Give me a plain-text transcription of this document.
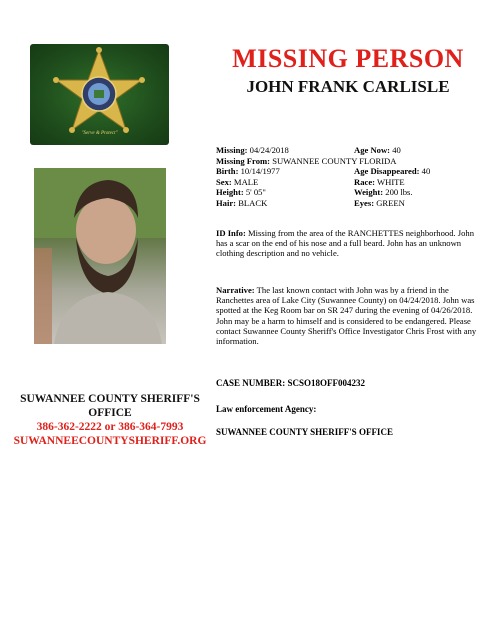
"Serve & Protect"
MISSING PERSON
JOHN FRANK CARLISLE
Missing: 04/24/2018	Age Now: 40
Missing From: SUWANNEE COUNTY FLORIDA
Birth: 10/14/1977	Age Disappeared: 40
Sex: MALE	Race: WHITE
Height: 5' 05"	Weight: 200 lbs.
Hair: BLACK	Eyes: GREEN
ID Info: Missing from the area of the RANCHETTES neighborhood. John has a scar on the end of his nose and a full beard. John has an unknown clothing description and no vehicle.
Narrative: The last known contact with John was by a friend in the Ranchettes area of Lake City (Suwannee County) on 04/24/2018. John was spotted at the Keg Room bar on SR 247 during the evening of 04/26/2018. John may be a harm to himself and is considered to be endangered. Please contact Suwannee County Sheriff's Office Investigator Chris Frost with any information.
CASE NUMBER: SCSO18OFF004232
Law enforcement Agency:
SUWANNEE COUNTY SHERIFF'S OFFICE
SUWANNEE COUNTY SHERIFF'S
OFFICE
386-362-2222 or 386-364-7993
SUWANNEECOUNTYSHERIFF.ORG
